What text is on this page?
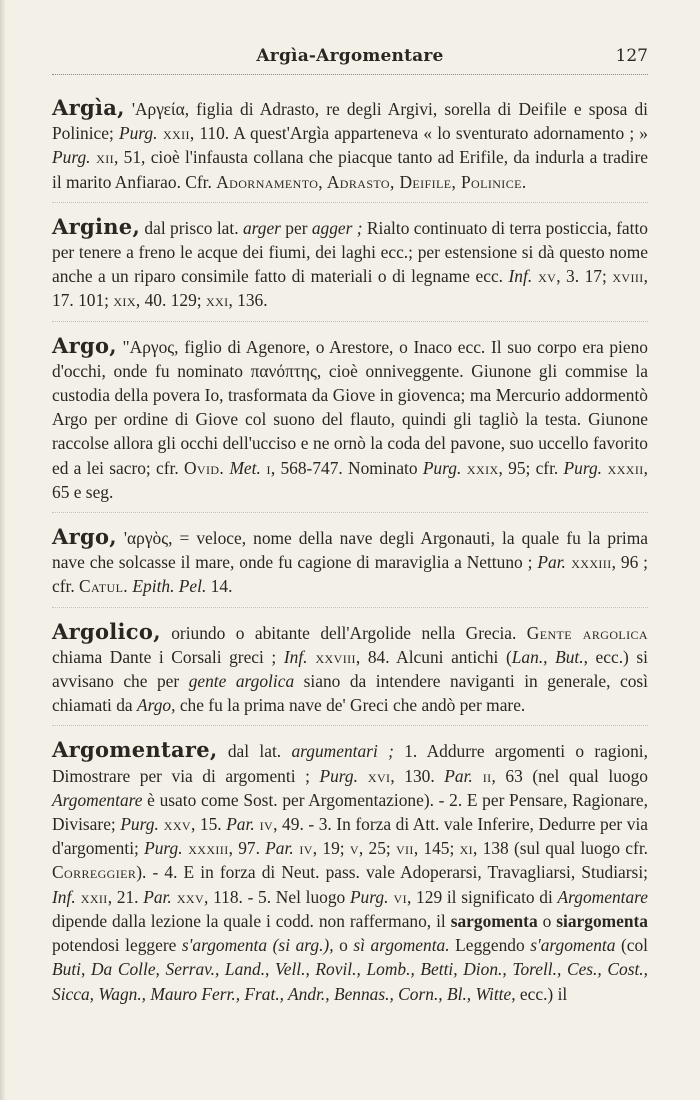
Argìa-Argomentare	127

Argìa, 'Αργεία, figlia di Adrasto, re degli Argivi, sorella di Deifile e sposa di Polinice; Purg. xxii, 110. A quest'Argìa apparteneva « lo sventurato adornamento ; » Purg. xii, 51, cioè l'infausta collana che piacque tanto ad Erifile, da indurla a tradire il marito Anfiarao. Cfr. Adornamento, Adrasto, Deifile, Polinice.

Argine, dal prisco lat. arger per agger ; Rialto continuato di terra posticcia, fatto per tenere a freno le acque dei fiumi, dei laghi ecc.; per estensione si dà questo nome anche a un riparo consimile fatto di materiali o di legname ecc. Inf. xv, 3. 17; xviii, 17. 101; xix, 40. 129; xxi, 136.

Argo, "Αργος, figlio di Agenore, o Arestore, o Inaco ecc. Il suo corpo era pieno d'occhi, onde fu nominato πανόπτης, cioè onniveggente. Giunone gli commise la custodia della povera Io, trasformata da Giove in giovenca; ma Mercurio addormentò Argo per ordine di Giove col suono del flauto, quindi gli tagliò la testa. Giunone raccolse allora gli occhi dell'ucciso e ne ornò la coda del pavone, suo uccello favorito ed a lei sacro; cfr. Ovid. Met. i, 568-747. Nominato Purg. xxix, 95; cfr. Purg. xxxii, 65 e seg.

Argo, 'αργὸς, = veloce, nome della nave degli Argonauti, la quale fu la prima nave che solcasse il mare, onde fu cagione di maraviglia a Nettuno ; Par. xxxiii, 96 ; cfr. Catul. Epith. Pel. 14.

Argolico, oriundo o abitante dell'Argolide nella Grecia. Gente argolica chiama Dante i Corsali greci ; Inf. xxviii, 84. Alcuni antichi (Lan., But., ecc.) si avvisano che per gente argolica siano da intendere naviganti in generale, così chiamati da Argo, che fu la prima nave de' Greci che andò per mare.

Argomentare, dal lat. argumentari ; 1. Addurre argomenti o ragioni, Dimostrare per via di argomenti ; Purg. xvi, 130. Par. ii, 63 (nel qual luogo Argomentare è usato come Sost. per Argomentazione). - 2. E per Pensare, Ragionare, Divisare; Purg. xxv, 15. Par. iv, 49. - 3. In forza di Att. vale Inferire, Dedurre per via d'argomenti; Purg. xxxiii, 97. Par. iv, 19; v, 25; vii, 145; xi, 138 (sul qual luogo cfr. Correggier). - 4. E in forza di Neut. pass. vale Adoperarsi, Travagliarsi, Studiarsi; Inf. xxii, 21. Par. xxv, 118. - 5. Nel luogo Purg. vi, 129 il significato di Argomentare dipende dalla lezione la quale i codd. non raffermano, il sargomenta o siargomenta potendosi leggere s'argomenta (si arg.), o sì argomenta. Leggendo s'argomenta (col Buti, Da Colle, Serrav., Land., Vell., Rovil., Lomb., Betti, Dion., Torell., Ces., Cost., Sicca, Wagn., Mauro Ferr., Frat., Andr., Bennas., Corn., Bl., Witte, ecc.) il
